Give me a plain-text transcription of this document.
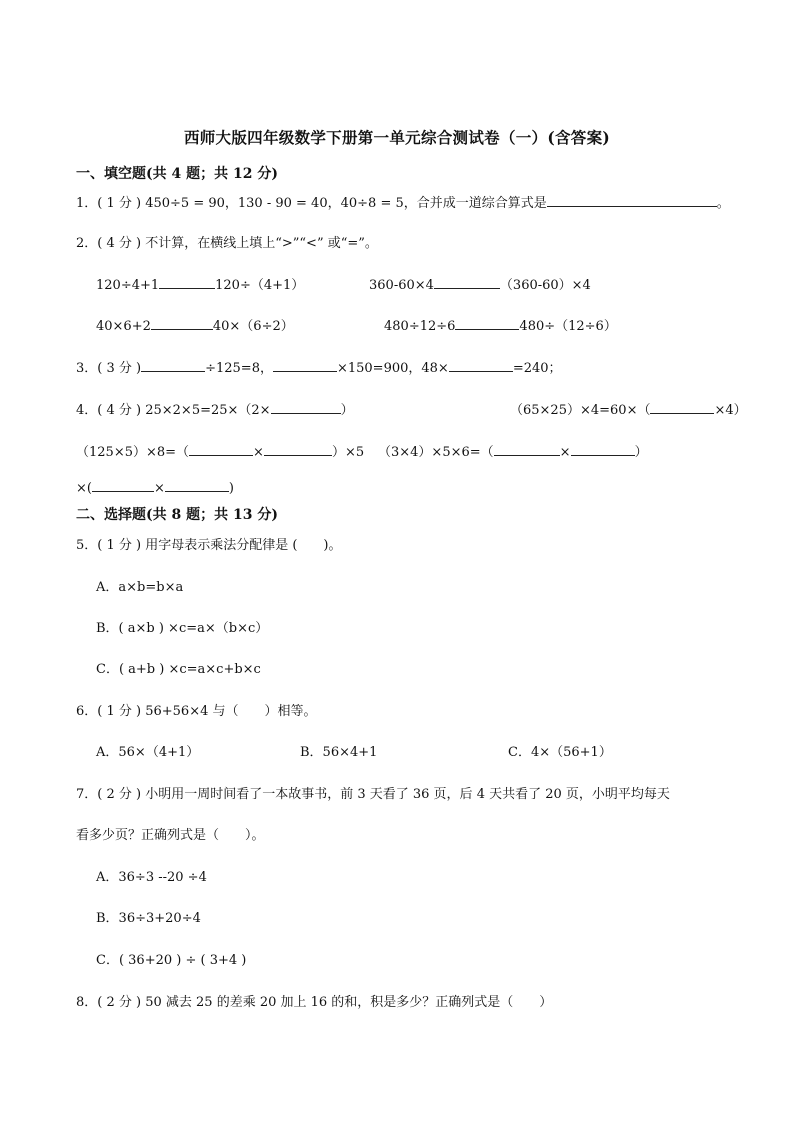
西师大版四年级数学下册第一单元综合测试卷（一）(含答案)
一、填空题(共 4 题；共 12 分)
1．( 1 分 ) 450÷5 = 90，130 - 90 = 40，40÷8 = 5，合并成一道综合算式是	。
2．( 4 分 ) 不计算，在横线上填上“>”“<” 或“=”。
120÷4+1	120÷（4+1）	360-60×4	（360-60）×4
40×6+2	40×（6÷2）	480÷12÷6	480÷（12÷6）
3．( 3 分 )	÷125=8，	×150=900，48×	=240；
4．( 4 分 ) 25×2×5=25×（2×	）	（65×25）×4=60×（	×4）
（125×5）×8=（	×	）×5 （3×4）×5×6=（	×	）
×(	×	)
二、选择题(共 8 题；共 13 分)
5．( 1 分 ) 用字母表示乘法分配律是 (　　)。
A．a×b=b×a
B．( a×b ) ×c=a×（b×c）
C．( a+b ) ×c=a×c+b×c
6．( 1 分 ) 56+56×4 与（　　）相等。
A．56×（4+1）	B．56×4+1	C．4×（56+1）
7．( 2 分 ) 小明用一周时间看了一本故事书，前 3 天看了 36 页，后 4 天共看了 20 页，小明平均每天
看多少页？正确列式是（　　）。
A．36÷3 --20 ÷4
B．36÷3+20÷4
C．( 36+20 ) ÷ ( 3+4 )
8．( 2 分 ) 50 减去 25 的差乘 20 加上 16 的和，积是多少？正确列式是（　　）
